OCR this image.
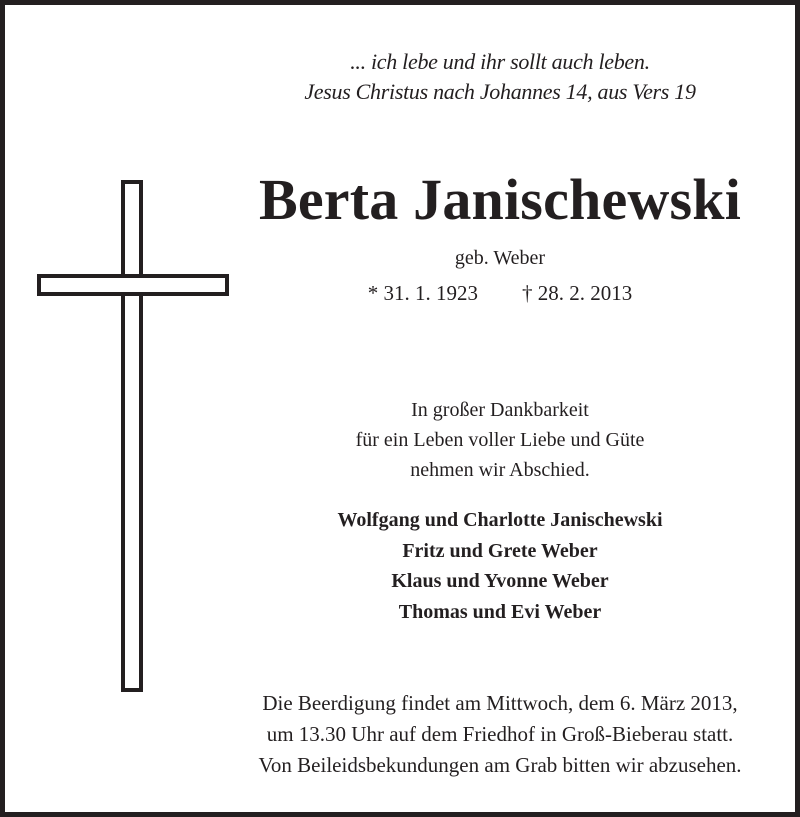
... ich lebe und ihr sollt auch leben.
Jesus Christus nach Johannes 14, aus Vers 19
Berta Janischewski
geb. Weber
* 31. 1. 1923 † 28. 2. 2013
In großer Dankbarkeit
für ein Leben voller Liebe und Güte
nehmen wir Abschied.
Wolfgang und Charlotte Janischewski
Fritz und Grete Weber
Klaus und Yvonne Weber
Thomas und Evi Weber
Die Beerdigung findet am Mittwoch, dem 6. März 2013,
um 13.30 Uhr auf dem Friedhof in Groß-Bieberau statt.
Von Beileidsbekundungen am Grab bitten wir abzusehen.
